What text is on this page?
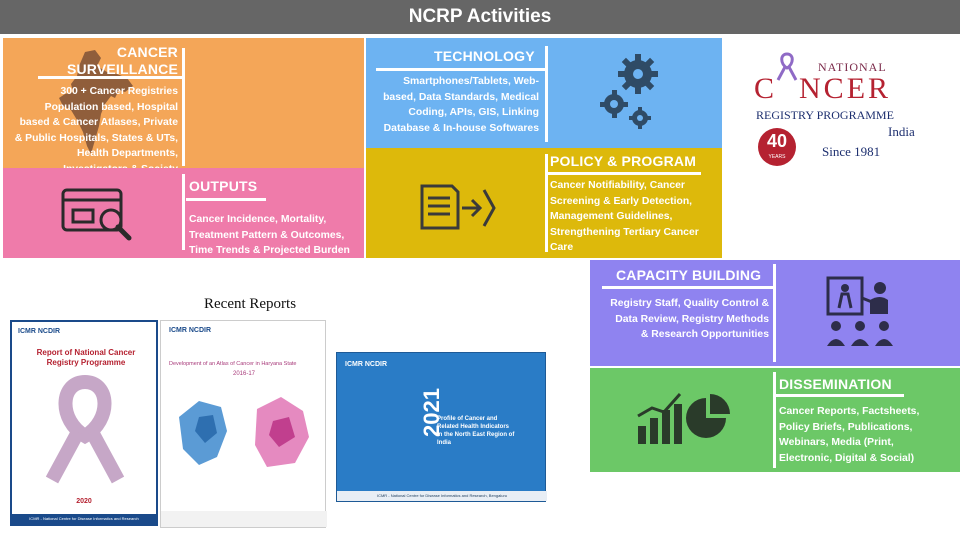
NCRP Activities
CANCER
SURVEILLANCE
300 + Cancer Registries
Population based, Hospital
based & Cancer Atlases, Private
& Public Hospitals, States & UTs,
Health Departments,
OUTPUTS
Cancer Incidence, Mortality,
Treatment Pattern & Outcomes,
Time Trends & Projected Burden
TECHNOLOGY
Smartphones/Tablets, Web-
based, Data Standards, Medical
Coding, APIs, GIS, Linking
Database & In-house Softwares
POLICY & PROGRAM
Cancer Notifiability, Cancer
Screening & Early Detection,
Management Guidelines,
Strengthening Tertiary Cancer
Care
NATIONAL
C NCER
REGISTRY PROGRAMME
India
40
YEARS	Since 1981
CAPACITY BUILDING
Registry Staff, Quality Control &
Data Review, Registry Methods
& Research Opportunities
DISSEMINATION
Cancer Reports, Factsheets,
Policy Briefs, Publications,
Webinars, Media (Print,
Electronic, Digital & Social)
Recent Reports
ICMR NCDIR
Report of National Cancer Registry Programme
2020
ICMR - National Centre for Disease Informatics and Research
ICMR NCDIR
Development of an Atlas of Cancer in Haryana State
2016-17
ICMR NCDIR
2021
Profile of Cancer and Related Health Indicators in the North East Region of India
ICMR - National Centre for Disease Informatics and Research, Bengaluru
